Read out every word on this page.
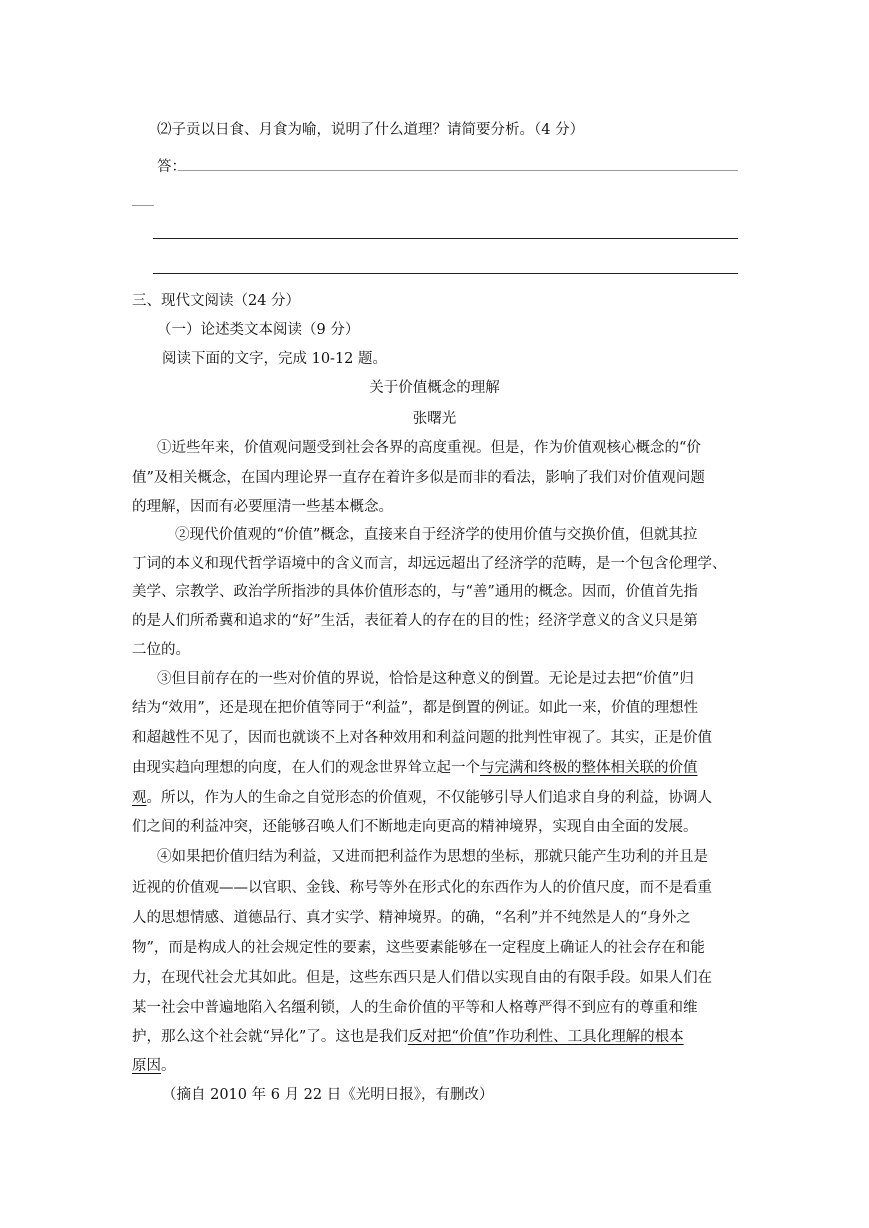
⑵子贡以日食、月食为喻，说明了什么道理？请简要分析。（4 分）
答：
三、现代文阅读（24 分）
（一）论述类文本阅读（9 分）
阅读下面的文字，完成 10-12 题。
关于价值概念的理解
张曙光
①近些年来，价值观问题受到社会各界的高度重视。但是，作为价值观核心概念的“价
值”及相关概念，在国内理论界一直存在着许多似是而非的看法，影响了我们对价值观问题
的理解，因而有必要厘清一些基本概念。
②现代价值观的“价值”概念，直接来自于经济学的使用价值与交换价值，但就其拉
丁词的本义和现代哲学语境中的含义而言，却远远超出了经济学的范畴，是一个包含伦理学、
美学、宗教学、政治学所指涉的具体价值形态的，与“善”通用的概念。因而，价值首先指
的是人们所希冀和追求的“好”生活，表征着人的存在的目的性；经济学意义的含义只是第
二位的。
③但目前存在的一些对价值的界说，恰恰是这种意义的倒置。无论是过去把“价值”归
结为“效用”，还是现在把价值等同于“利益”，都是倒置的例证。如此一来，价值的理想性
和超越性不见了，因而也就谈不上对各种效用和利益问题的批判性审视了。其实，正是价值
由现实趋向理想的向度，在人们的观念世界耸立起一个与完满和终极的整体相关联的价值
观。所以，作为人的生命之自觉形态的价值观，不仅能够引导人们追求自身的利益，协调人
们之间的利益冲突，还能够召唤人们不断地走向更高的精神境界，实现自由全面的发展。
④如果把价值归结为利益，又进而把利益作为思想的坐标，那就只能产生功利的并且是
近视的价值观——以官职、金钱、称号等外在形式化的东西作为人的价值尺度，而不是看重
人的思想情感、道德品行、真才实学、精神境界。的确，“名利”并不纯然是人的“身外之
物”，而是构成人的社会规定性的要素，这些要素能够在一定程度上确证人的社会存在和能
力，在现代社会尤其如此。但是，这些东西只是人们借以实现自由的有限手段。如果人们在
某一社会中普遍地陷入名缰利锁，人的生命价值的平等和人格尊严得不到应有的尊重和维
护，那么这个社会就“异化”了。这也是我们反对把“价值”作功利性、工具化理解的根本
原因。
（摘自 2010 年 6 月 22 日《光明日报》，有删改）
